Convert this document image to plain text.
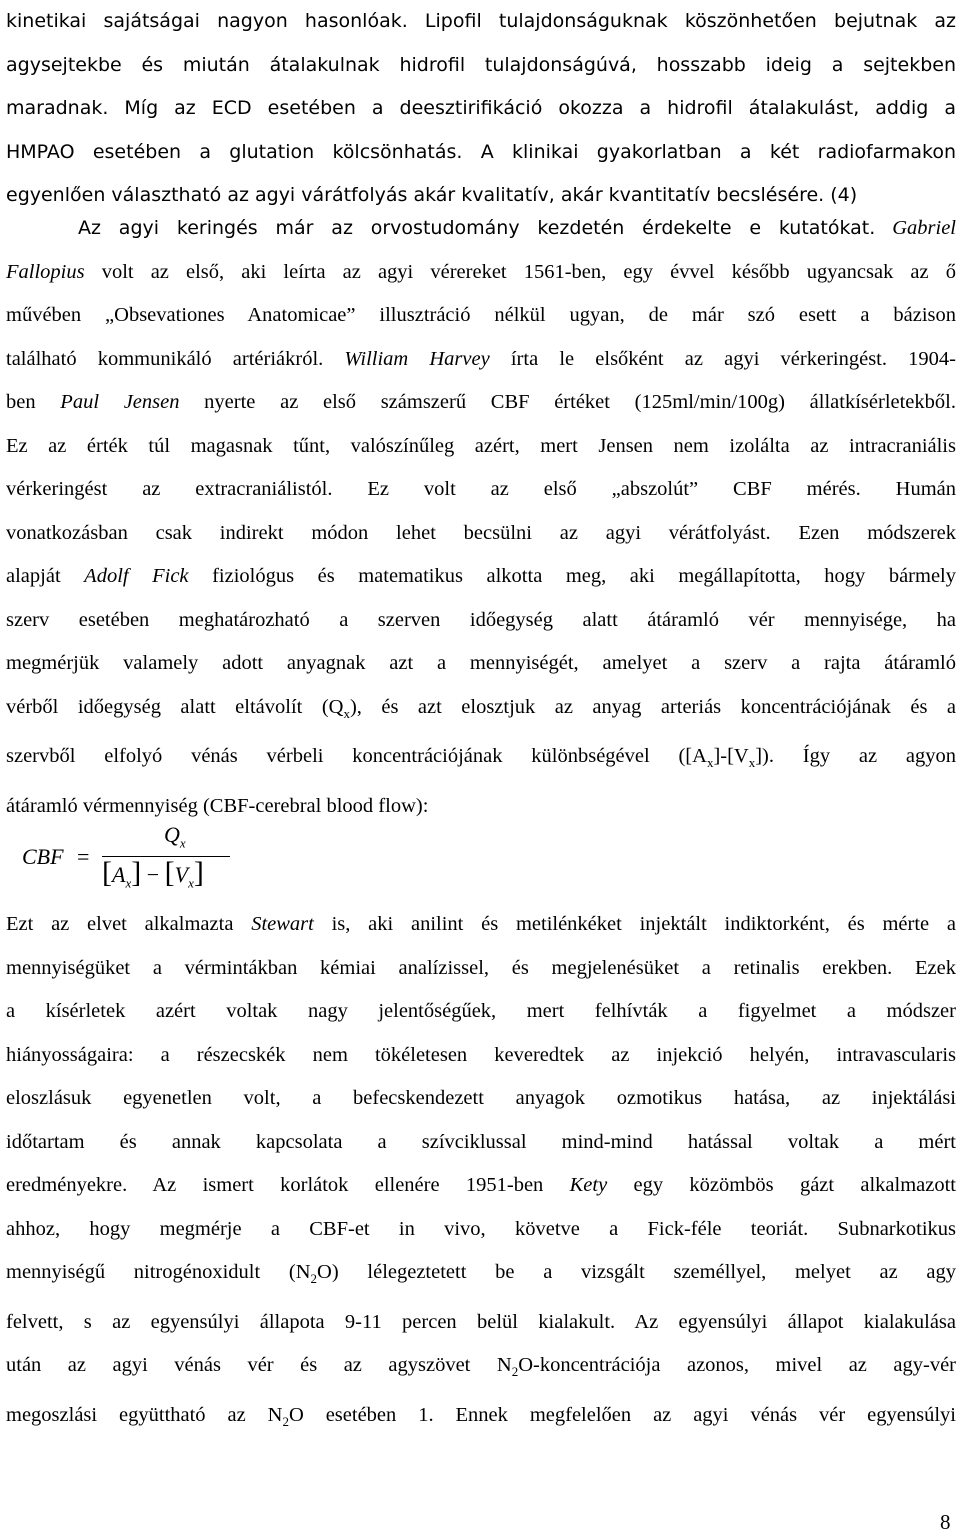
kinetikai sajátságai nagyon hasonlóak. Lipofil tulajdonságuknak köszönhetően bejutnak az
agysejtekbe és miután átalakulnak hidrofil tulajdonságúvá, hosszabb ideig a sejtekben
maradnak. Míg az ECD esetében a deesztirifikáció okozza a hidrofil átalakulást, addig a
HMPAO esetében a glutation kölcsönhatás. A klinikai gyakorlatban a két radiofarmakon
egyenlően választható az agyi várátfolyás akár kvalitatív, akár kvantitatív becslésére. (4)
Az agyi keringés már az orvostudomány kezdetén érdekelte e kutatókat. Gabriel
Fallopius volt az első, aki leírta az agyi vérereket 1561-ben, egy évvel később ugyancsak az ő
művében „Obsevationes Anatomicae” illusztráció nélkül ugyan, de már szó esett a bázison
található kommunikáló artériákról. William Harvey írta le elsőként az agyi vérkeringést. 1904-
ben Paul Jensen nyerte az első számszerű CBF értéket (125ml/min/100g) állatkísérletekből.
Ez az érték túl magasnak tűnt, valószínűleg azért, mert Jensen nem izolálta az intracraniális
vérkeringést az extracraniálistól. Ez volt az első „abszolút” CBF mérés. Humán
vonatkozásban csak indirekt módon lehet becsülni az agyi vérátfolyást. Ezen módszerek
alapját Adolf Fick fiziológus és matematikus alkotta meg, aki megállapította, hogy bármely
szerv esetében meghatározható a szerven időegység alatt átáramló vér mennyisége, ha
megmérjük valamely adott anyagnak azt a mennyiségét, amelyet a szerv a rajta átáramló
vérből időegység alatt eltávolít $(Q_x)$, és azt elosztjuk az anyag arteriás koncentrációjának és a
szervből elfolyó vénás vérbeli koncentrációjának különbségével $([A_x]-[V_x])$. Így az agyon
átáramló vérmennyiség (CBF-cerebral blood flow):
CBF =
$Q_x$
$[A_x] - [V_x]$
Ezt az elvet alkalmazta Stewart is, aki anilint és metilénkéket injektált indiktorként, és mérte a
mennyiségüket a vérmintákban kémiai analízissel, és megjelenésüket a retinalis erekben. Ezek
a kísérletek azért voltak nagy jelentőségűek, mert felhívták a figyelmet a módszer
hiányosságaira: a részecskék nem tökéletesen keveredtek az injekció helyén, intravascularis
eloszlásuk egyenetlen volt, a befecskendezett anyagok ozmotikus hatása, az injektálási
időtartam és annak kapcsolata a szívciklussal mind-mind hatással voltak a mért
eredményekre. Az ismert korlátok ellenére 1951-ben Kety egy közömbös gázt alkalmazott
ahhoz, hogy megmérje a CBF-et in vivo, követve a Fick-féle teoriát. Subnarkotikus
mennyiségű nitrogénoxidult $(N_2O)$ lélegeztetett be a vizsgált személlyel, melyet az agy
felvett, s az egyensúlyi állapota 9-11 percen belül kialakult. Az egyensúlyi állapot kialakulása
után az agyi vénás vér és az agyszövet $N_2O$-koncentrációja azonos, mivel az agy-vér
megoszlási együttható az $N_2O$ esetében 1. Ennek megfelelően az agyi vénás vér egyensúlyi
8
